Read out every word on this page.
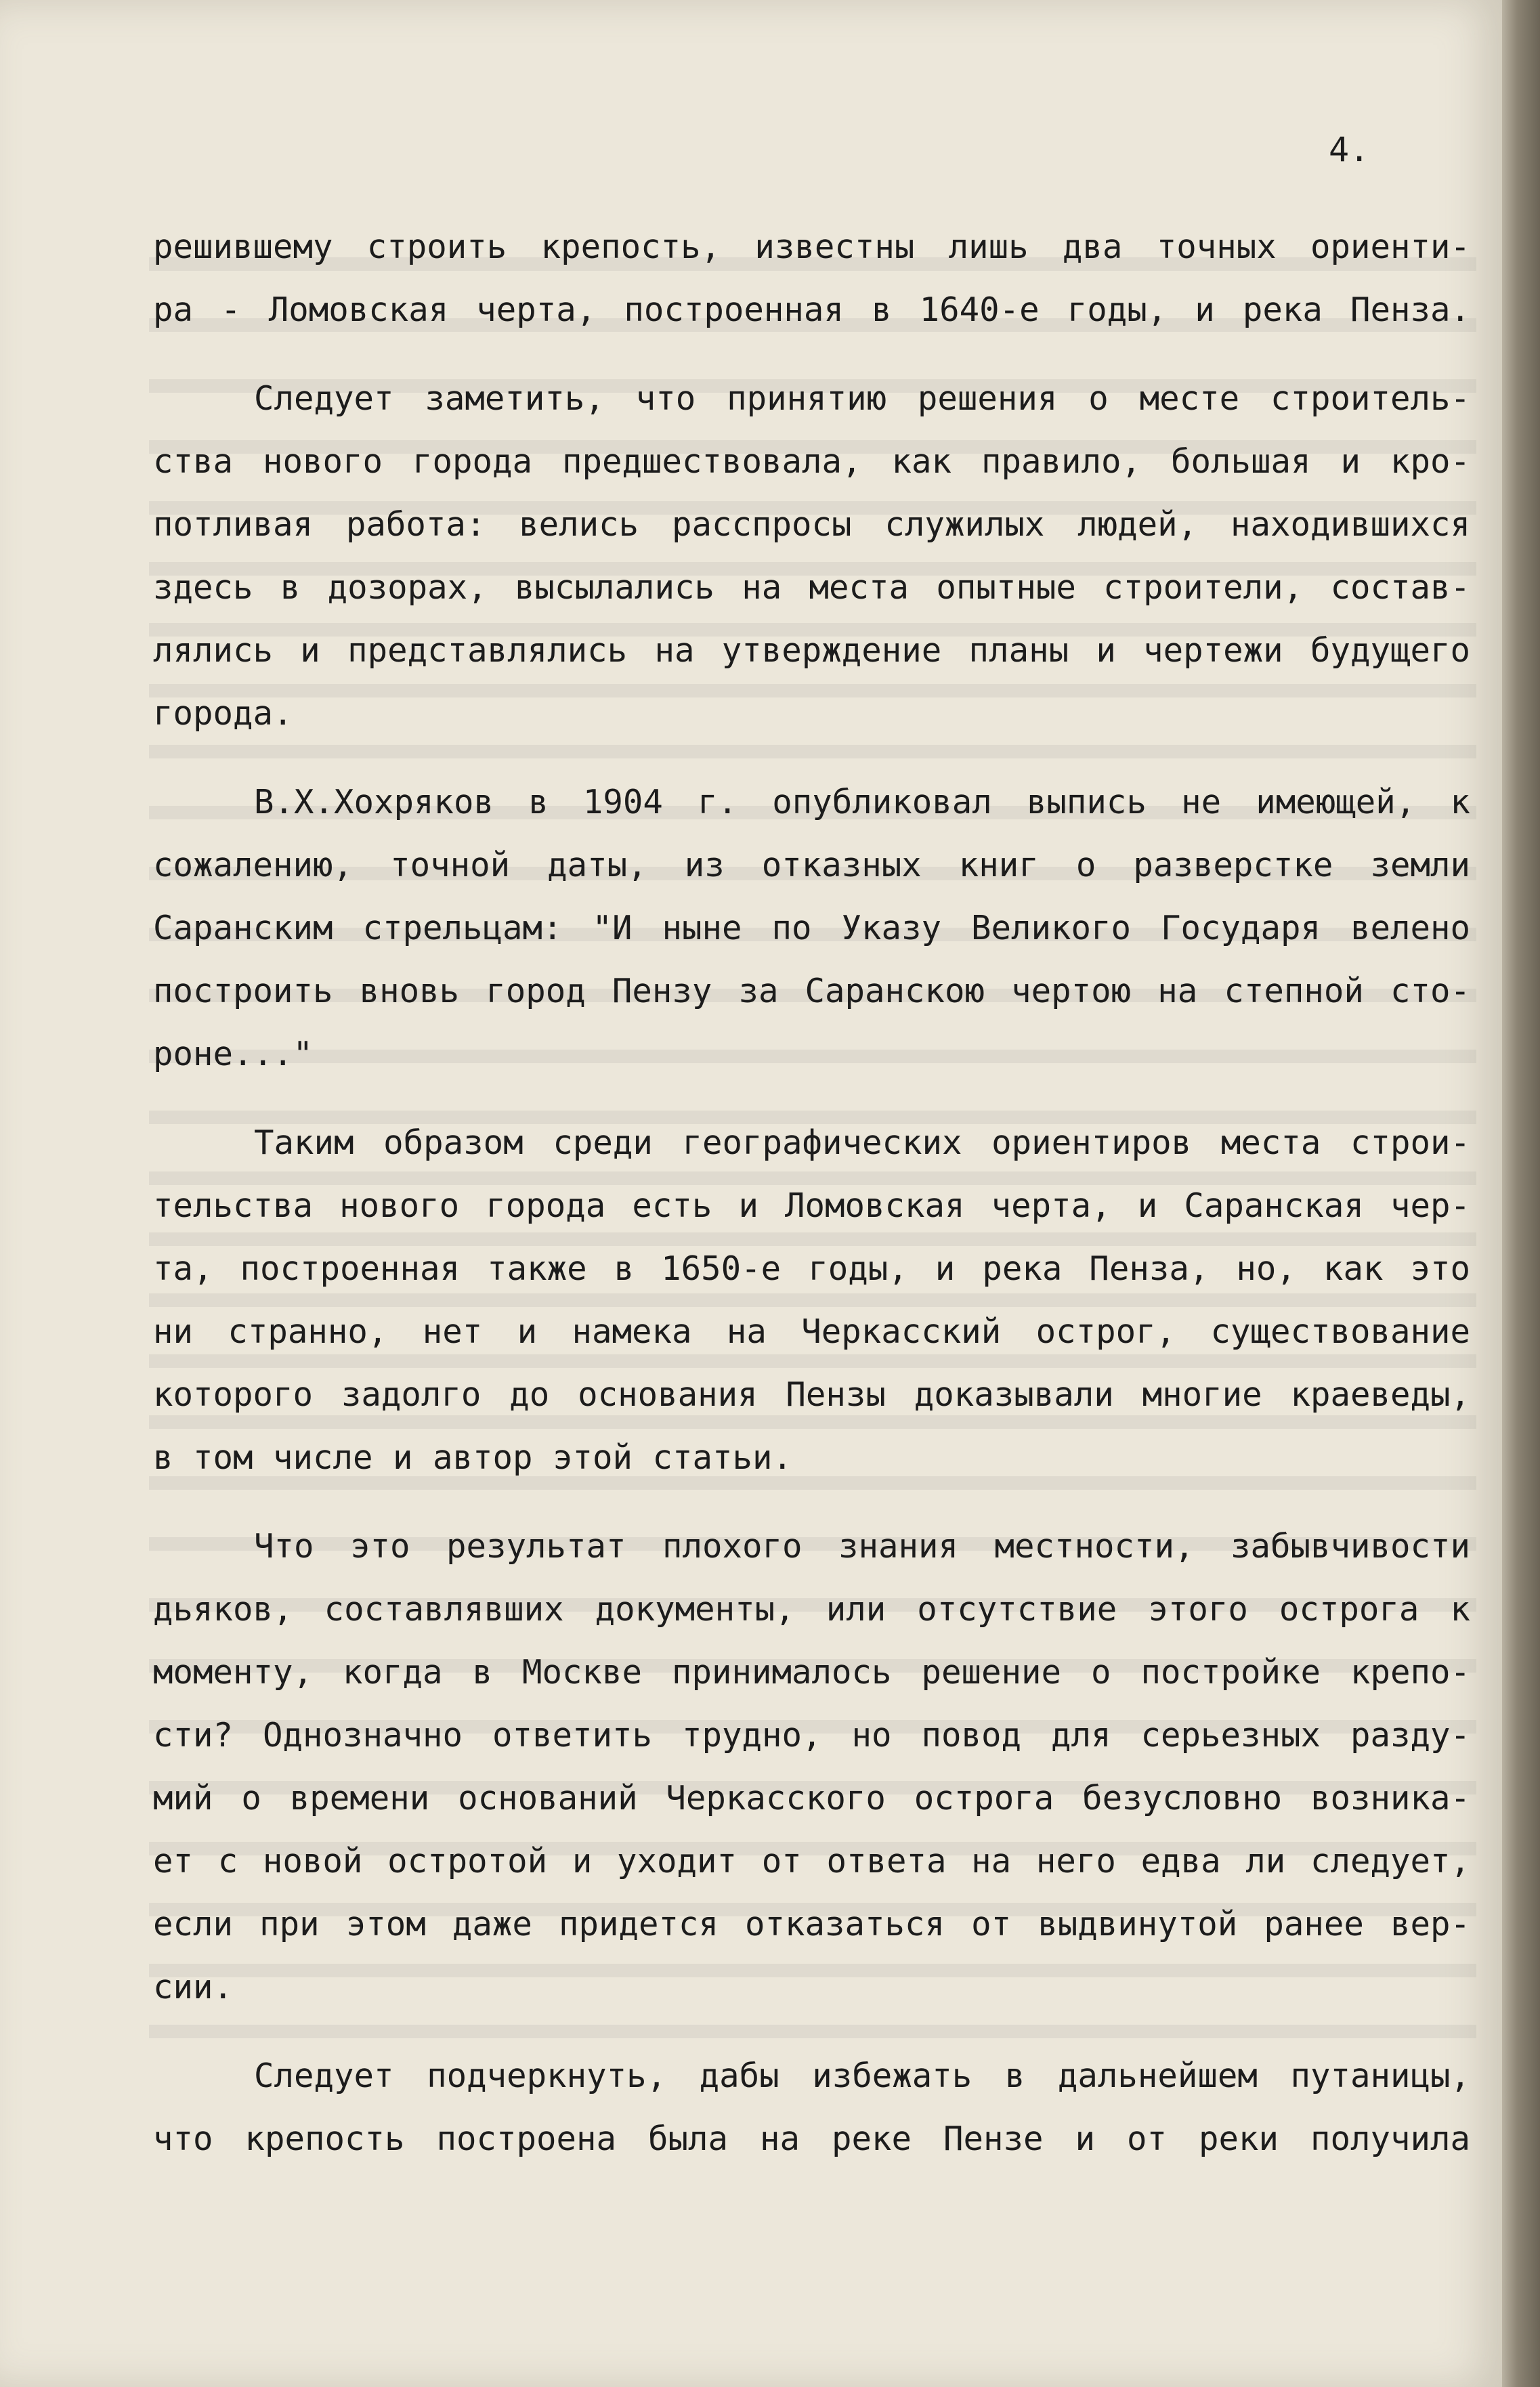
4.
решившему строить крепость, известны лишь два точных ориенти-
ра - Ломовская черта, построенная в 1640-е годы, и река Пенза.
Следует заметить, что принятию решения о месте строитель-
ства нового города предшествовала, как правило, большая и кро-
потливая работа: велись расспросы служилых людей, находившихся
здесь в дозорах, высылались на места опытные строители, состав-
лялись и представлялись на утверждение планы и чертежи будущего
города.
В.Х.Хохряков в 1904 г. опубликовал выпись не имеющей, к
сожалению, точной даты, из отказных книг о разверстке земли
Саранским стрельцам: "И ныне по Указу Великого Государя велено
построить вновь город Пензу за Саранскою чертою на степной сто-
роне..."
Таким образом среди географических ориентиров места строи-
тельства нового города есть и Ломовская черта, и Саранская чер-
та, построенная также в 1650-е годы, и река Пенза, но, как это
ни странно, нет и намека на Черкасский острог, существование
которого задолго до основания Пензы доказывали многие краеведы,
в том числе и автор этой статьи.
Что это результат плохого знания местности, забывчивости
дьяков, составлявших документы, или отсутствие этого острога к
моменту, когда в Москве принималось решение о постройке крепо-
сти? Однозначно ответить трудно, но повод для серьезных разду-
мий о времени оснований Черкасского острога безусловно возника-
ет с новой остротой и уходит от ответа на него едва ли следует,
если при этом даже придется отказаться от выдвинутой ранее вер-
сии.
Следует подчеркнуть, дабы избежать в дальнейшем путаницы,
что крепость построена была на реке Пензе и от реки получила
